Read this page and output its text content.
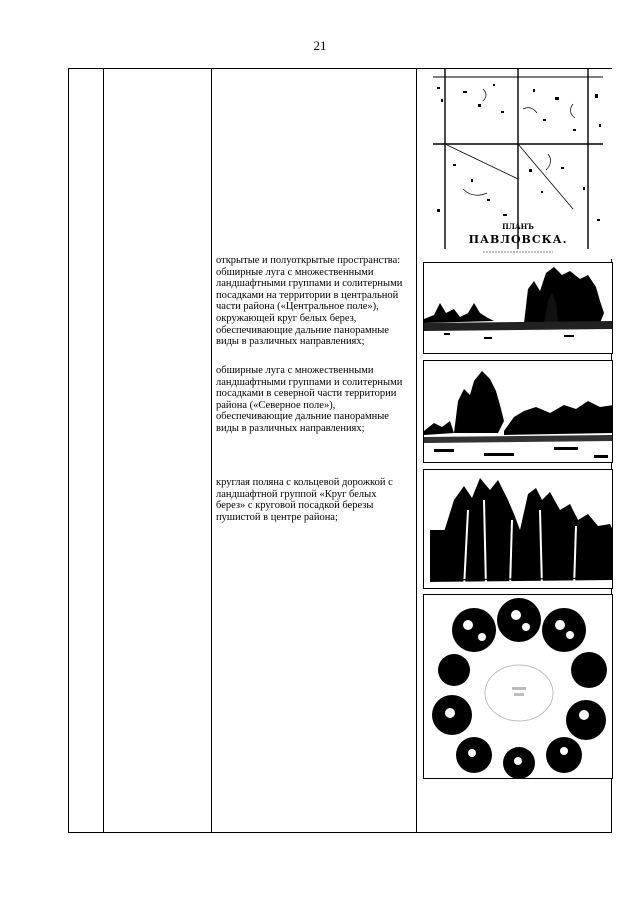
21
ПЛАНЪ
ПАВЛОВСКА.
открытые и полуоткрытые пространства:
обширные луга с множественными
ландшафтными группами и солитерными
посадками на территории в центральной
части района («Центральное поле»),
окружающей круг белых берез,
обеспечивающие дальние панорамные
виды в различных направлениях;
обширные луга с множественными
ландшафтными группами и солитерными
посадками в северной части территории
района («Северное поле»),
обеспечивающие дальние панорамные
виды в различных направлениях;
круглая поляна с кольцевой дорожкой с
ландшафтной группой «Круг белых
берез» с круговой посадкой березы
пушистой в центре района;
